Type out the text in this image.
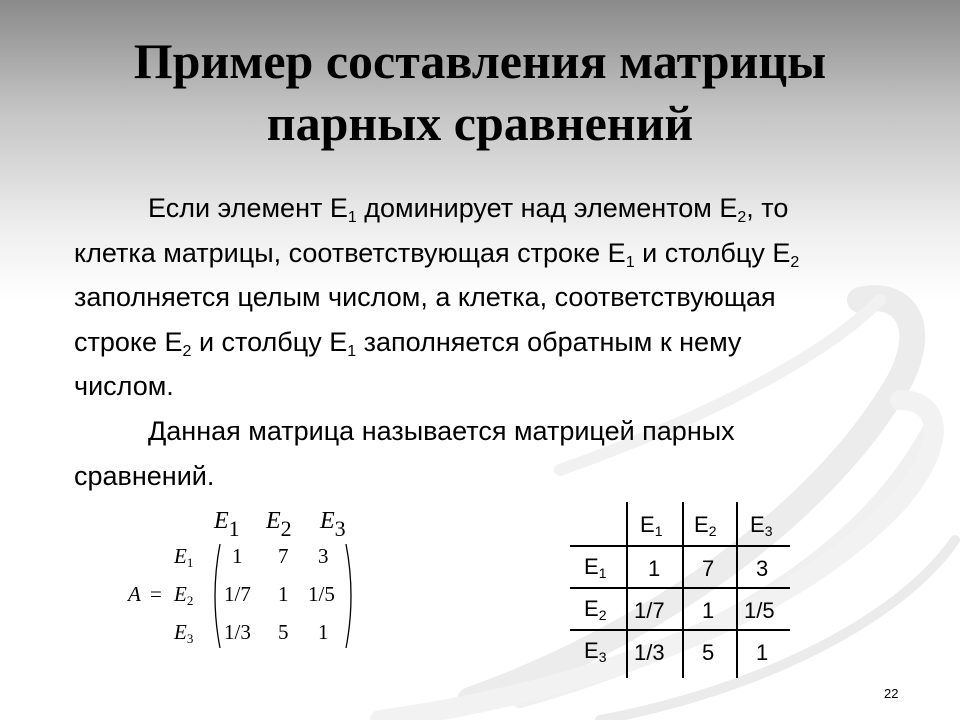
Пример составления матрицы
парных сравнений

Если элемент $Е_1$ доминирует над элементом $Е_2$, то
клетка матрицы, соответствующая строке $Е_1$ и столбцу $Е_2$
заполняется целым числом, а клетка, соответствующая
строке $Е_2$ и столбцу $Е_1$ заполняется обратным к нему
числом.

Данная матрица называется матрицей парных
сравнений.

$E_1$ $E_2$ $E_3$
$E_1$
$A = E_2$
$E_3$
1 7 3
1/7 1 1/5
1/3 5 1
$E_1$ $E_2$ $E_3$
$E_1$
$E_2$
$E_3$
1 7 3
1/7 1 1/5
1/3 5 1
22
